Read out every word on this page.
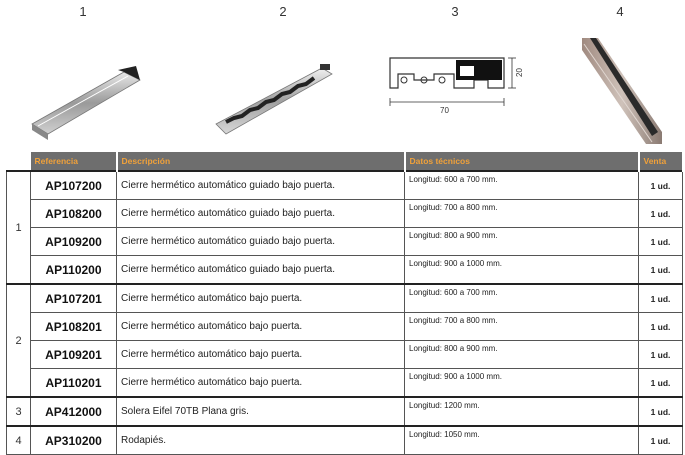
1	2	3	4
70
20
	Referencia	Descripción	Datos técnicos	Venta
1	AP107200	Cierre hermético automático guiado bajo puerta.	Longitud: 600 a 700 mm.	1 ud.
	AP108200	Cierre hermético automático guiado bajo puerta.	Longitud: 700 a 800 mm.	1 ud.
	AP109200	Cierre hermético automático guiado bajo puerta.	Longitud: 800 a 900 mm.	1 ud.
	AP110200	Cierre hermético automático guiado bajo puerta.	Longitud: 900 a 1000 mm.	1 ud.
2	AP107201	Cierre hermético automático bajo puerta.	Longitud: 600 a 700 mm.	1 ud.
	AP108201	Cierre hermético automático bajo puerta.	Longitud: 700 a 800 mm.	1 ud.
	AP109201	Cierre hermético automático bajo puerta.	Longitud: 800 a 900 mm.	1 ud.
	AP110201	Cierre hermético automático bajo puerta.	Longitud: 900 a 1000 mm.	1 ud.
3	AP412000	Solera Eifel 70TB Plana gris.	Longitud: 1200 mm.	1 ud.
4	AP310200	Rodapiés.	Longitud: 1050 mm.	1 ud.
